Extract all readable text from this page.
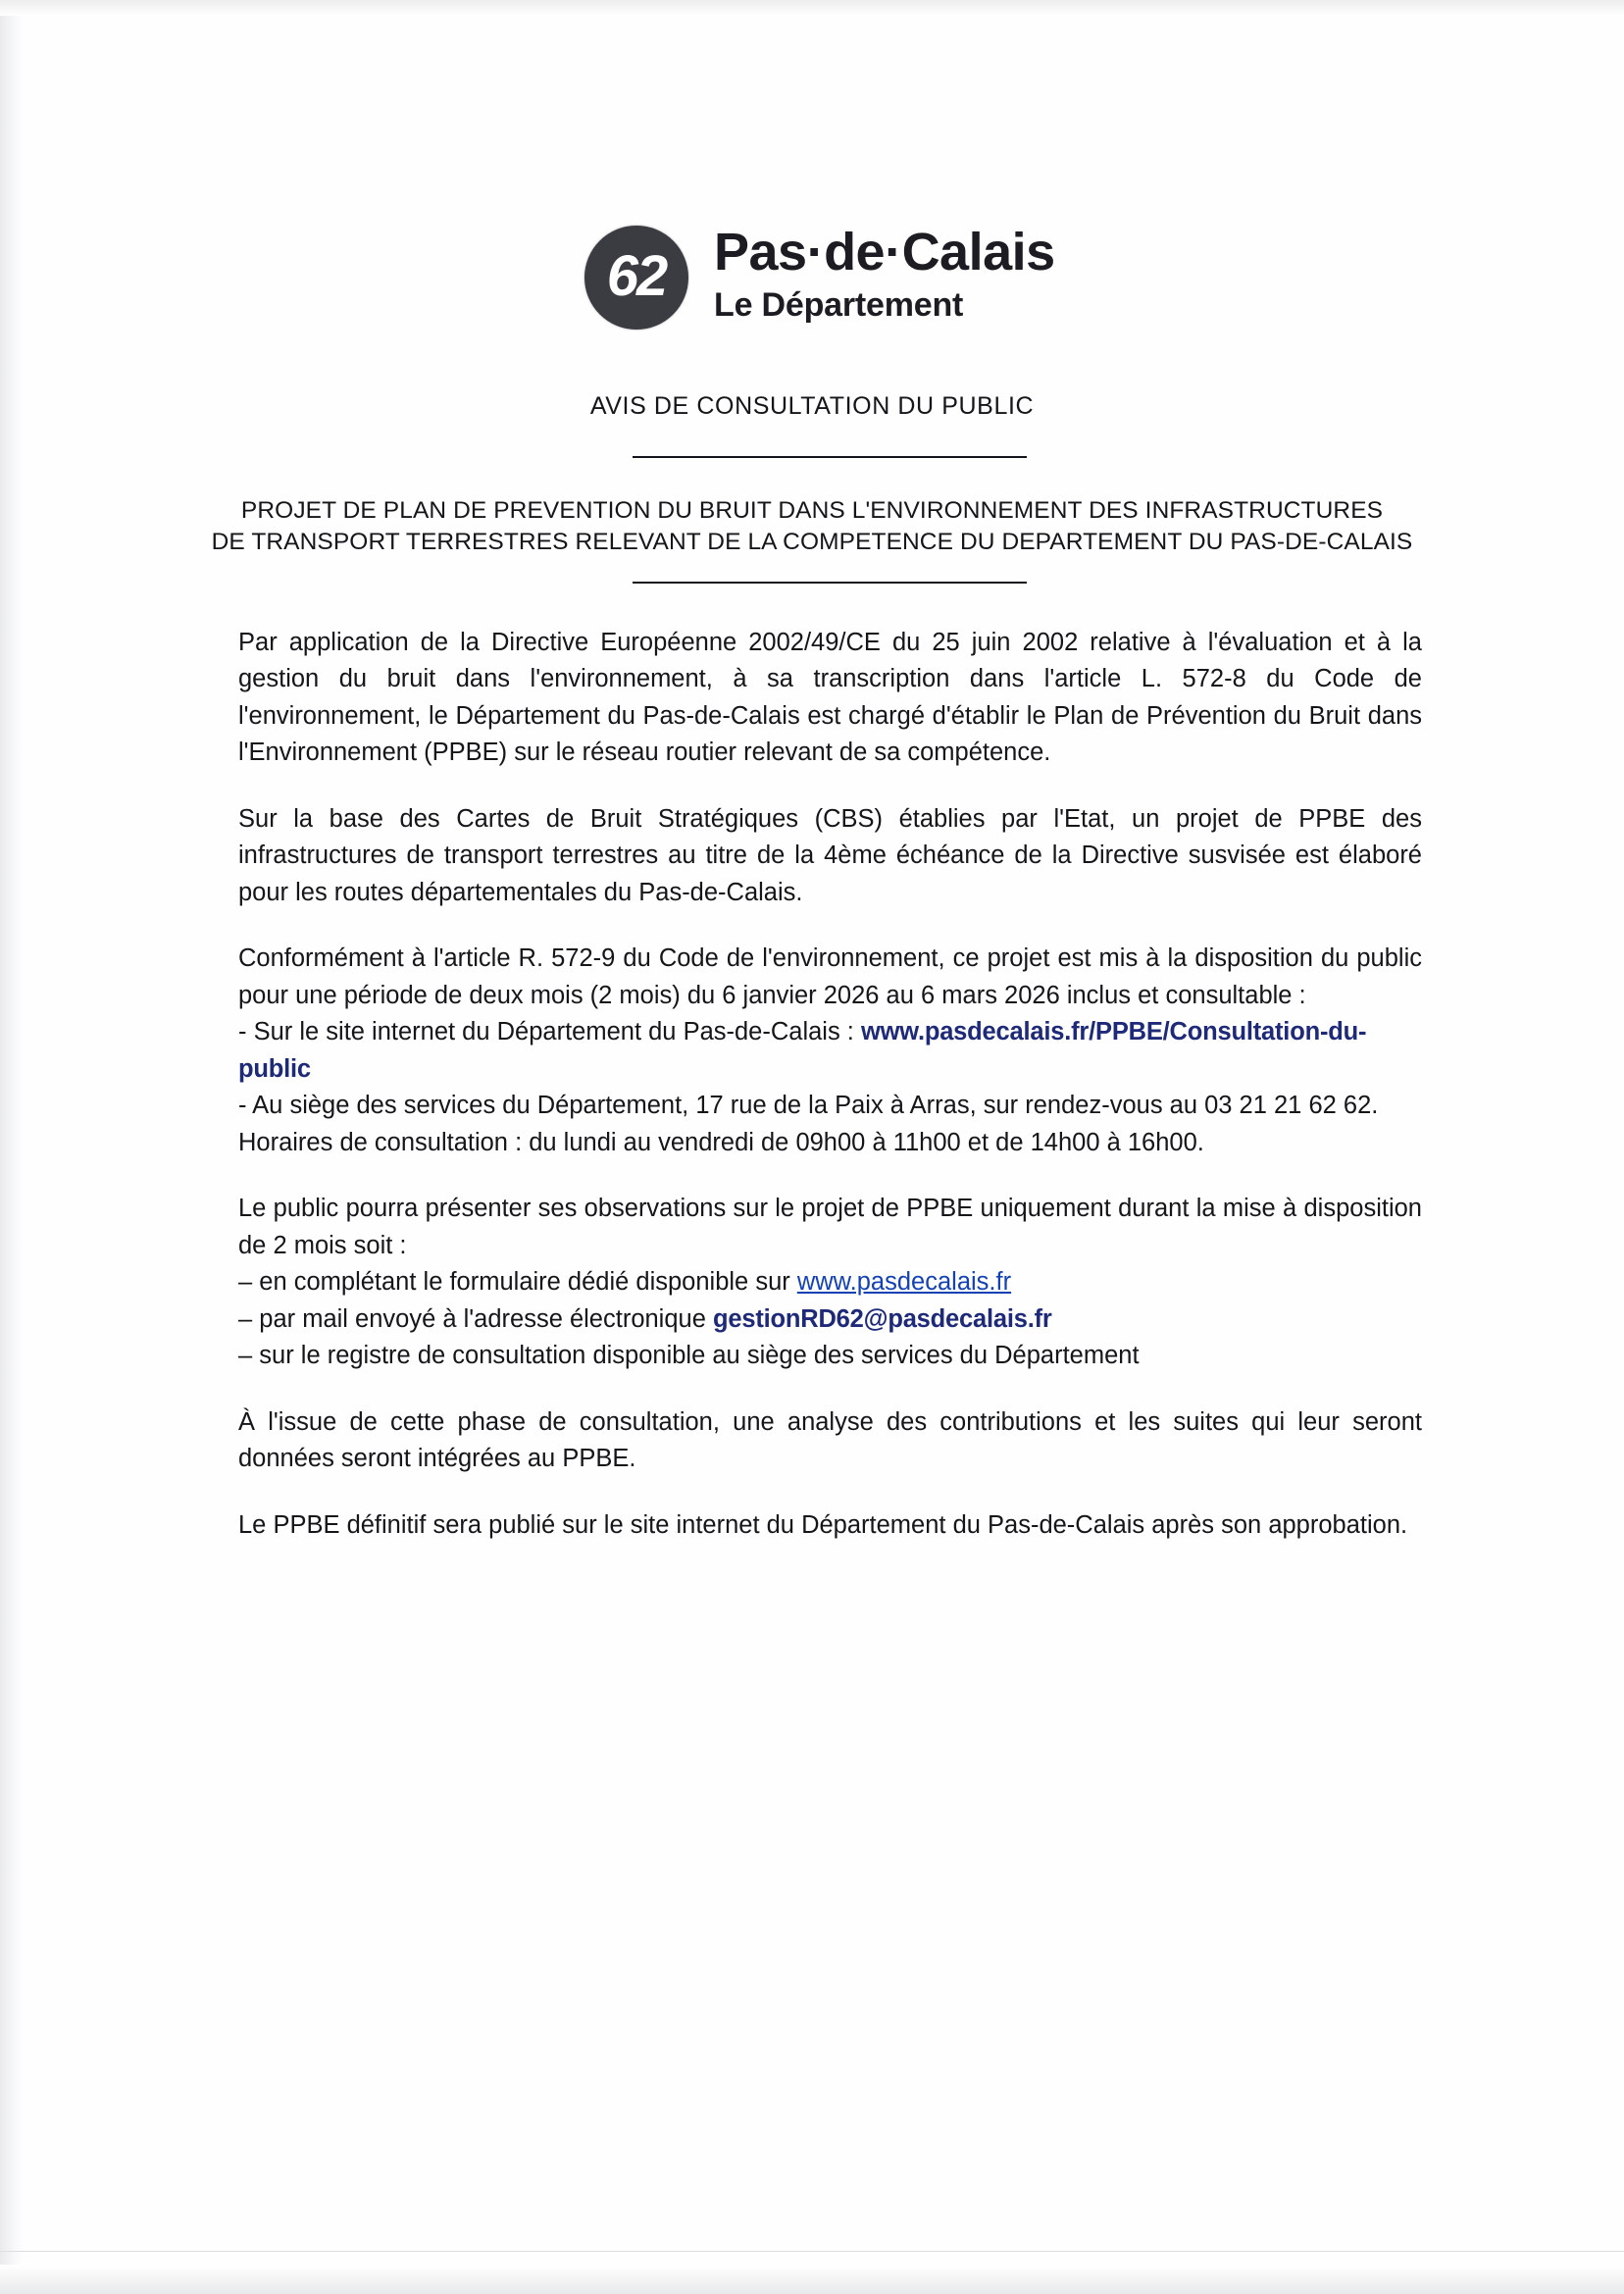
62 Pas·de·Calais
Le Département
AVIS DE CONSULTATION DU PUBLIC
PROJET DE PLAN DE PREVENTION DU BRUIT DANS L'ENVIRONNEMENT DES INFRASTRUCTURES
DE TRANSPORT TERRESTRES RELEVANT DE LA COMPETENCE DU DEPARTEMENT DU PAS-DE-CALAIS

Par application de la Directive Européenne 2002/49/CE du 25 juin 2002 relative à l'évaluation et à la gestion du bruit dans l'environnement, à sa transcription dans l'article L. 572-8 du Code de l'environnement, le Département du Pas-de-Calais est chargé d'établir le Plan de Prévention du Bruit dans l'Environnement (PPBE) sur le réseau routier relevant de sa compétence.

Sur la base des Cartes de Bruit Stratégiques (CBS) établies par l'Etat, un projet de PPBE des infrastructures de transport terrestres au titre de la 4ème échéance de la Directive susvisée est élaboré pour les routes départementales du Pas-de-Calais.

Conformément à l'article R. 572-9 du Code de l'environnement, ce projet est mis à la disposition du public pour une période de deux mois (2 mois) du 6 janvier 2026 au 6 mars 2026 inclus et consultable :
- Sur le site internet du Département du Pas-de-Calais : www.pasdecalais.fr/PPBE/Consultation-du-public
- Au siège des services du Département, 17 rue de la Paix à Arras, sur rendez-vous au 03 21 21 62 62.
Horaires de consultation : du lundi au vendredi de 09h00 à 11h00 et de 14h00 à 16h00.
Le public pourra présenter ses observations sur le projet de PPBE uniquement durant la mise à disposition de 2 mois soit :
– en complétant le formulaire dédié disponible sur www.pasdecalais.fr
– par mail envoyé à l'adresse électronique gestionRD62@pasdecalais.fr
– sur le registre de consultation disponible au siège des services du Département

À l'issue de cette phase de consultation, une analyse des contributions et les suites qui leur seront données seront intégrées au PPBE.

Le PPBE définitif sera publié sur le site internet du Département du Pas-de-Calais après son approbation.
